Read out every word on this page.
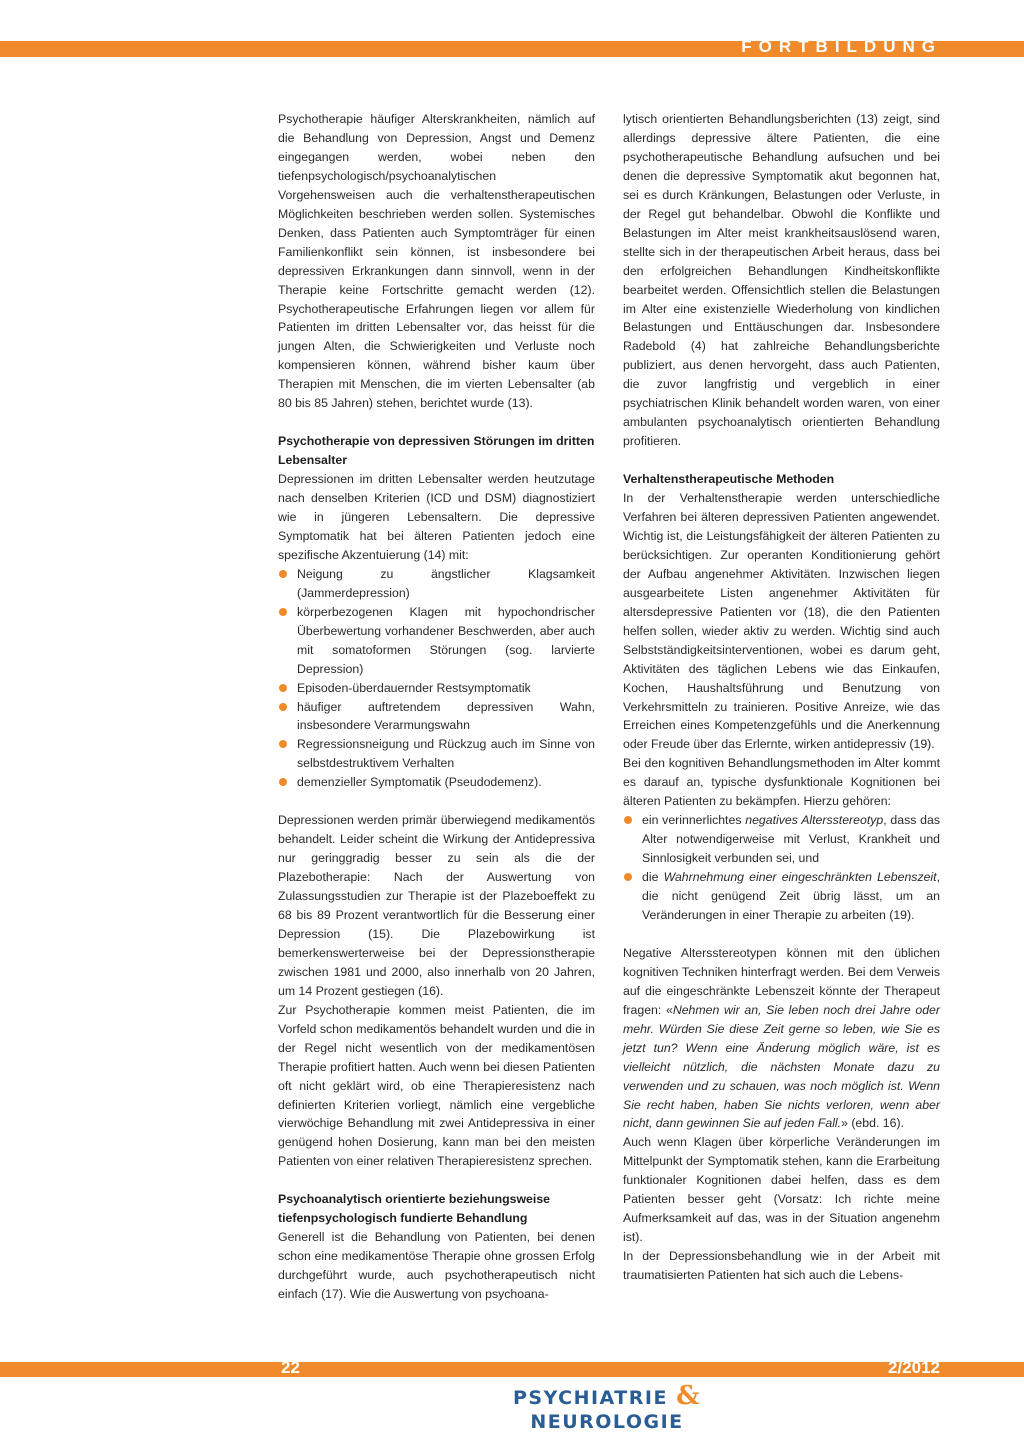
FORTBILDUNG

Psychotherapie häufiger Alterskrankheiten, nämlich auf die Behandlung von Depression, Angst und Demenz eingegangen werden, wobei neben den tiefenpsychologisch/psychoanalytischen Vorgehensweisen auch die verhaltenstherapeutischen Möglichkeiten beschrieben werden sollen. Systemisches Denken, dass Patienten auch Symptomträger für einen Familienkonflikt sein können, ist insbesondere bei depressiven Erkrankungen dann sinnvoll, wenn in der Therapie keine Fortschritte gemacht werden (12). Psychotherapeutische Erfahrungen liegen vor allem für Patienten im dritten Lebensalter vor, das heisst für die jungen Alten, die Schwierigkeiten und Verluste noch kompensieren können, während bisher kaum über Therapien mit Menschen, die im vierten Lebensalter (ab 80 bis 85 Jahren) stehen, berichtet wurde (13).

Psychotherapie von depressiven Störungen im dritten Lebensalter

Depressionen im dritten Lebensalter werden heutzutage nach denselben Kriterien (ICD und DSM) diagnostiziert wie in jüngeren Lebensaltern. Die depressive Symptomatik hat bei älteren Patienten jedoch eine spezifische Akzentuierung (14) mit:

Neigung zu ängstlicher Klagsamkeit (Jammerdepression)
körperbezogenen Klagen mit hypochondrischer Überbewertung vorhandener Beschwerden, aber auch mit somatoformen Störungen (sog. larvierte Depression)
Episoden-überdauernder Restsymptomatik
häufiger auftretendem depressiven Wahn, insbesondere Verarmungswahn
Regressionsneigung und Rückzug auch im Sinne von selbstdestruktivem Verhalten
demenzieller Symptomatik (Pseudodemenz).

Depressionen werden primär überwiegend medikamentös behandelt. Leider scheint die Wirkung der Antidepressiva nur geringgradig besser zu sein als die der Plazebotherapie: Nach der Auswertung von Zulassungsstudien zur Therapie ist der Plazeboeffekt zu 68 bis 89 Prozent verantwortlich für die Besserung einer Depression (15). Die Plazebowirkung ist bemerkenswerterweise bei der Depressionstherapie zwischen 1981 und 2000, also innerhalb von 20 Jahren, um 14 Prozent gestiegen (16).

Zur Psychotherapie kommen meist Patienten, die im Vorfeld schon medikamentös behandelt wurden und die in der Regel nicht wesentlich von der medikamentösen Therapie profitiert hatten. Auch wenn bei diesen Patienten oft nicht geklärt wird, ob eine Therapieresistenz nach definierten Kriterien vorliegt, nämlich eine vergebliche vierwöchige Behandlung mit zwei Antidepressiva in einer genügend hohen Dosierung, kann man bei den meisten Patienten von einer relativen Therapieresistenz sprechen.

Psychoanalytisch orientierte beziehungsweise tiefenpsychologisch fundierte Behandlung

Generell ist die Behandlung von Patienten, bei denen schon eine medikamentöse Therapie ohne grossen Erfolg durchgeführt wurde, auch psychotherapeutisch nicht einfach (17). Wie die Auswertung von psychoana-

lytisch orientierten Behandlungsberichten (13) zeigt, sind allerdings depressive ältere Patienten, die eine psychotherapeutische Behandlung aufsuchen und bei denen die depressive Symptomatik akut begonnen hat, sei es durch Kränkungen, Belastungen oder Verluste, in der Regel gut behandelbar. Obwohl die Konflikte und Belastungen im Alter meist krankheitsauslösend waren, stellte sich in der therapeutischen Arbeit heraus, dass bei den erfolgreichen Behandlungen Kindheitskonflikte bearbeitet werden. Offensichtlich stellen die Belastungen im Alter eine existenzielle Wiederholung von kindlichen Belastungen und Enttäuschungen dar. Insbesondere Radebold (4) hat zahlreiche Behandlungsberichte publiziert, aus denen hervorgeht, dass auch Patienten, die zuvor langfristig und vergeblich in einer psychiatrischen Klinik behandelt worden waren, von einer ambulanten psychoanalytisch orientierten Behandlung profitieren.

Verhaltenstherapeutische Methoden

In der Verhaltenstherapie werden unterschiedliche Verfahren bei älteren depressiven Patienten angewendet. Wichtig ist, die Leistungsfähigkeit der älteren Patienten zu berücksichtigen. Zur operanten Konditionierung gehört der Aufbau angenehmer Aktivitäten. Inzwischen liegen ausgearbeitete Listen angenehmer Aktivitäten für altersdepressive Patienten vor (18), die den Patienten helfen sollen, wieder aktiv zu werden. Wichtig sind auch Selbstständigkeitsinterventionen, wobei es darum geht, Aktivitäten des täglichen Lebens wie das Einkaufen, Kochen, Haushaltsführung und Benutzung von Verkehrsmitteln zu trainieren. Positive Anreize, wie das Erreichen eines Kompetenzgefühls und die Anerkennung oder Freude über das Erlernte, wirken antidepressiv (19).

Bei den kognitiven Behandlungsmethoden im Alter kommt es darauf an, typische dysfunktionale Kognitionen bei älteren Patienten zu bekämpfen. Hierzu gehören:

ein verinnerlichtes negatives Altersstereotyp, dass das Alter notwendigerweise mit Verlust, Krankheit und Sinnlosigkeit verbunden sei, und
die Wahrnehmung einer eingeschränkten Lebenszeit, die nicht genügend Zeit übrig lässt, um an Veränderungen in einer Therapie zu arbeiten (19).

Negative Altersstereotypen können mit den üblichen kognitiven Techniken hinterfragt werden. Bei dem Verweis auf die eingeschränkte Lebenszeit könnte der Therapeut fragen: «Nehmen wir an, Sie leben noch drei Jahre oder mehr. Würden Sie diese Zeit gerne so leben, wie Sie es jetzt tun? Wenn eine Änderung möglich wäre, ist es vielleicht nützlich, die nächsten Monate dazu zu verwenden und zu schauen, was noch möglich ist. Wenn Sie recht haben, haben Sie nichts verloren, wenn aber nicht, dann gewinnen Sie auf jeden Fall.» (ebd. 16).

Auch wenn Klagen über körperliche Veränderungen im Mittelpunkt der Symptomatik stehen, kann die Erarbeitung funktionaler Kognitionen dabei helfen, dass es dem Patienten besser geht (Vorsatz: Ich richte meine Aufmerksamkeit auf das, was in der Situation angenehm ist).

In der Depressionsbehandlung wie in der Arbeit mit traumatisierten Patienten hat sich auch die Lebens-

22	2/2012
PSYCHIATRIE & NEUROLOGIE
